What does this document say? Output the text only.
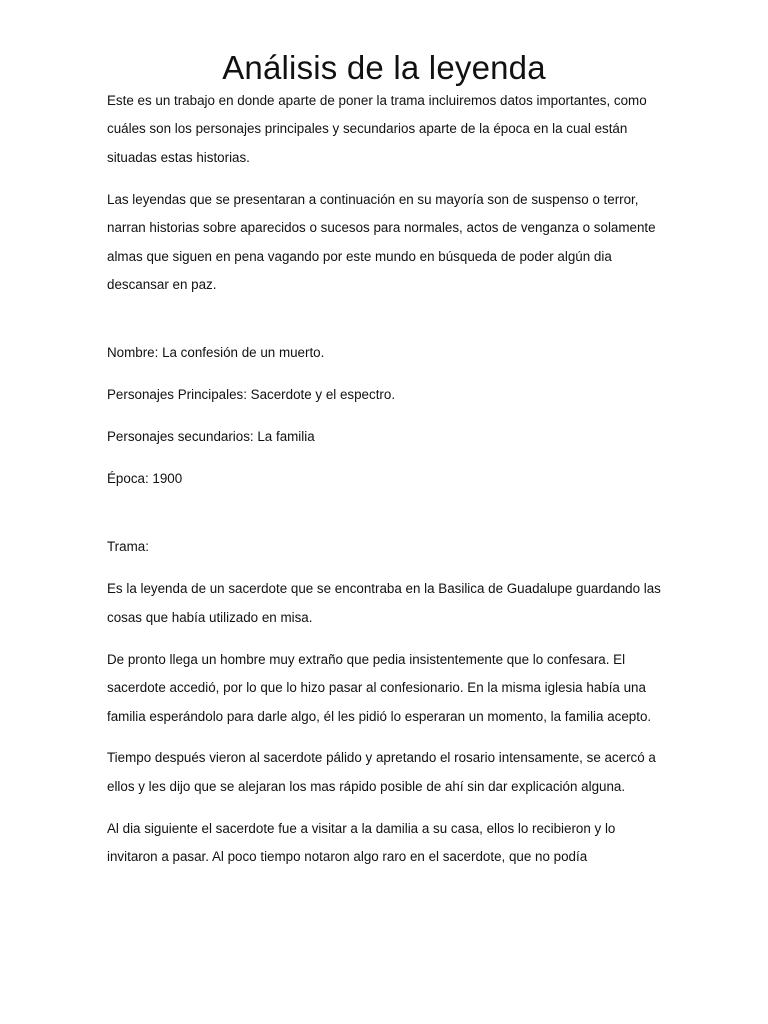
Análisis de la leyenda

Este es un trabajo en donde aparte de poner la trama incluiremos datos importantes, como cuáles son los personajes principales y secundarios aparte de la época en la cual están situadas estas historias.

Las leyendas que se presentaran a continuación en su mayoría son de suspenso o terror, narran historias sobre aparecidos o sucesos para normales, actos de venganza o solamente almas que siguen en pena vagando por este mundo en búsqueda de poder algún dia descansar en paz.

Nombre: La confesión de un muerto.

Personajes Principales: Sacerdote y el espectro.

Personajes secundarios: La familia

Época: 1900

Trama:

Es la leyenda de un sacerdote que se encontraba en la Basilica de Guadalupe guardando las cosas que había utilizado en misa.

De pronto llega un hombre muy extraño que pedia insistentemente que lo confesara. El sacerdote accedió, por lo que lo hizo pasar al confesionario. En la misma iglesia había una familia esperándolo para darle algo, él les pidió lo esperaran un momento, la familia acepto.

Tiempo después vieron al sacerdote pálido y apretando el rosario intensamente, se acercó a ellos y les dijo que se alejaran los mas rápido posible de ahí sin dar explicación alguna.

Al dia siguiente el sacerdote fue a visitar a la damilia a su casa, ellos lo recibieron y lo invitaron a pasar. Al poco tiempo notaron algo raro en el sacerdote, que no podía
